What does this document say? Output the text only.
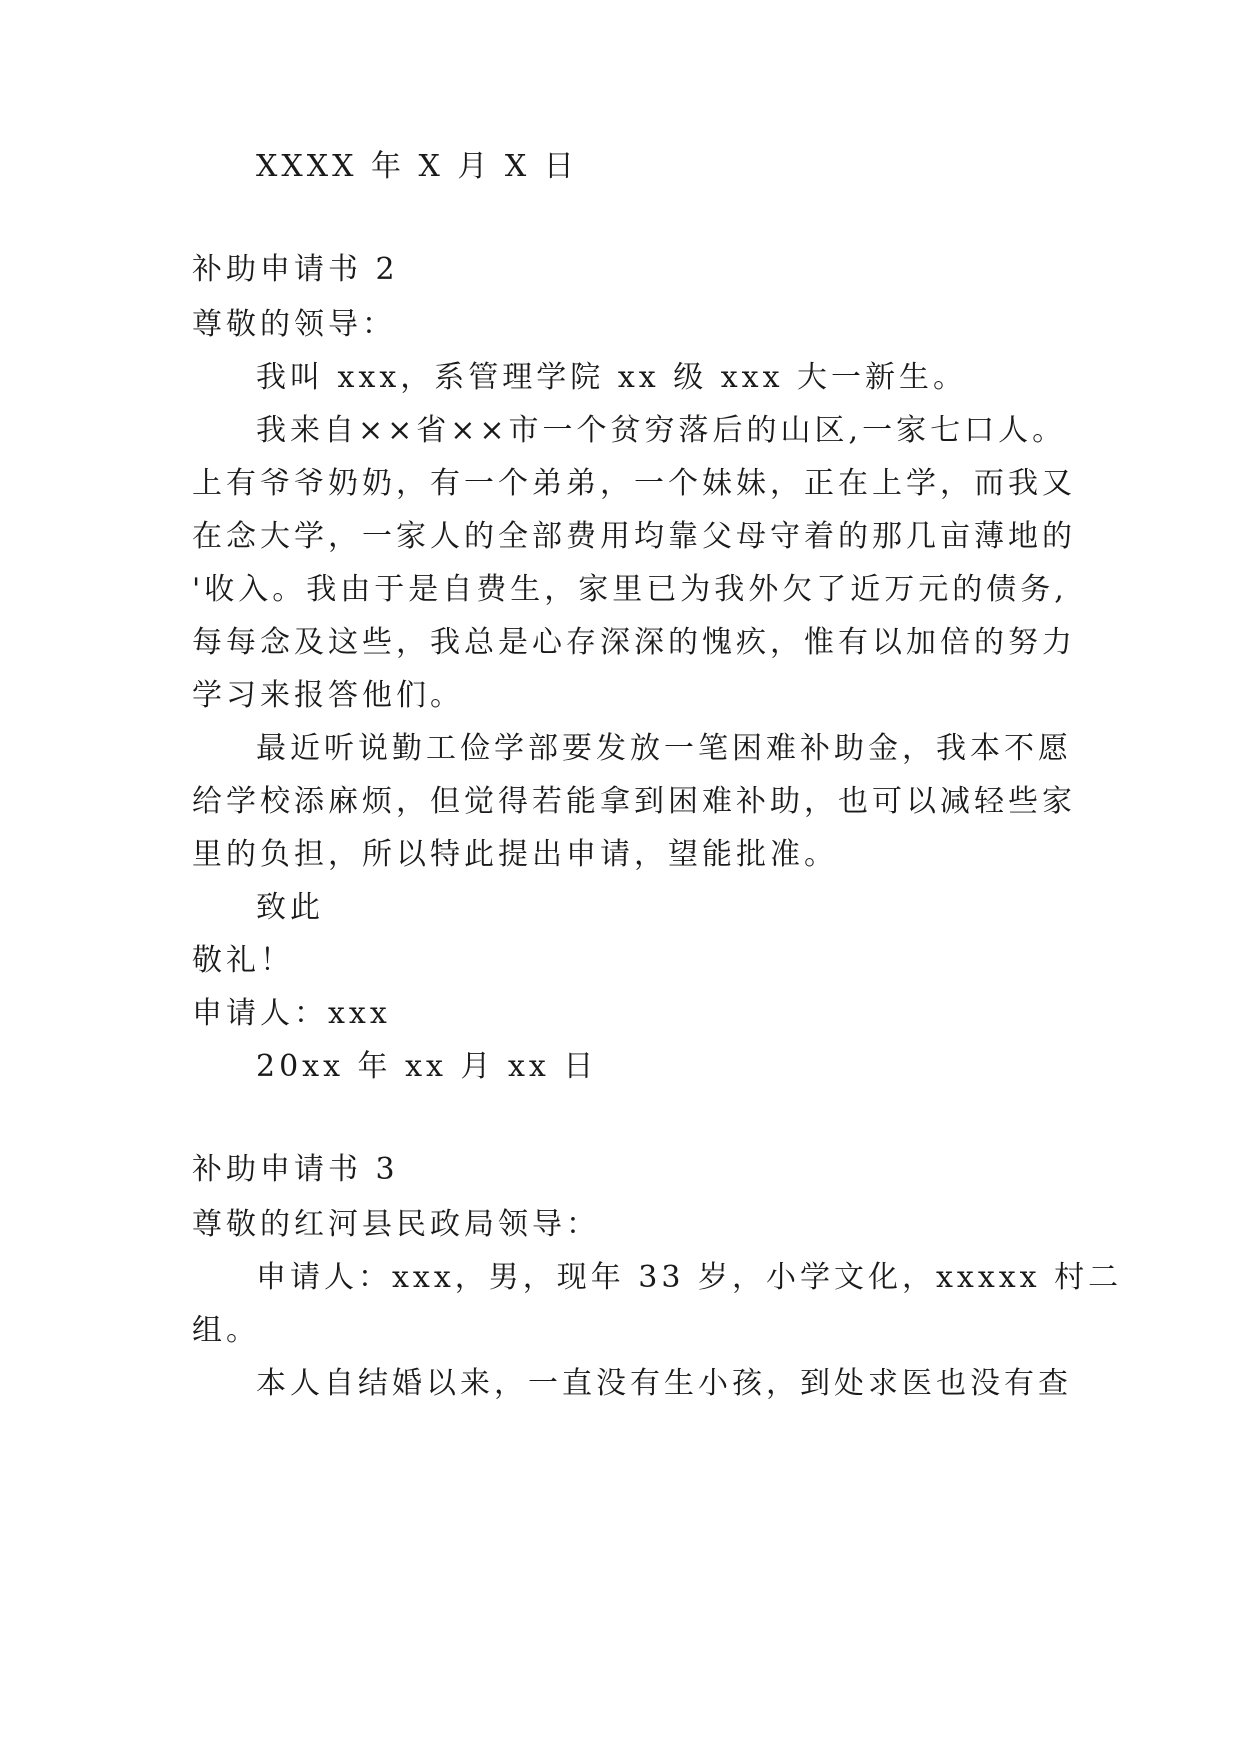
XXXX 年 X 月 X 日
补助申请书 2
尊敬的领导：
我叫 xxx，系管理学院 xx 级 xxx 大一新生。
我来自××省××市一个贫穷落后的山区,一家七口人。
上有爷爷奶奶，有一个弟弟，一个妹妹，正在上学，而我又
在念大学，一家人的全部费用均靠父母守着的那几亩薄地的
'收入。我由于是自费生，家里已为我外欠了近万元的债务,
每每念及这些，我总是心存深深的愧疚，惟有以加倍的努力
学习来报答他们。
最近听说勤工俭学部要发放一笔困难补助金，我本不愿
给学校添麻烦，但觉得若能拿到困难补助，也可以减轻些家
里的负担，所以特此提出申请，望能批准。
致此
敬礼！
申请人：xxx
20xx 年 xx 月 xx 日
补助申请书 3
尊敬的红河县民政局领导：
申请人：xxx，男，现年 33 岁，小学文化，xxxxx 村二
组。
本人自结婚以来，一直没有生小孩，到处求医也没有查
